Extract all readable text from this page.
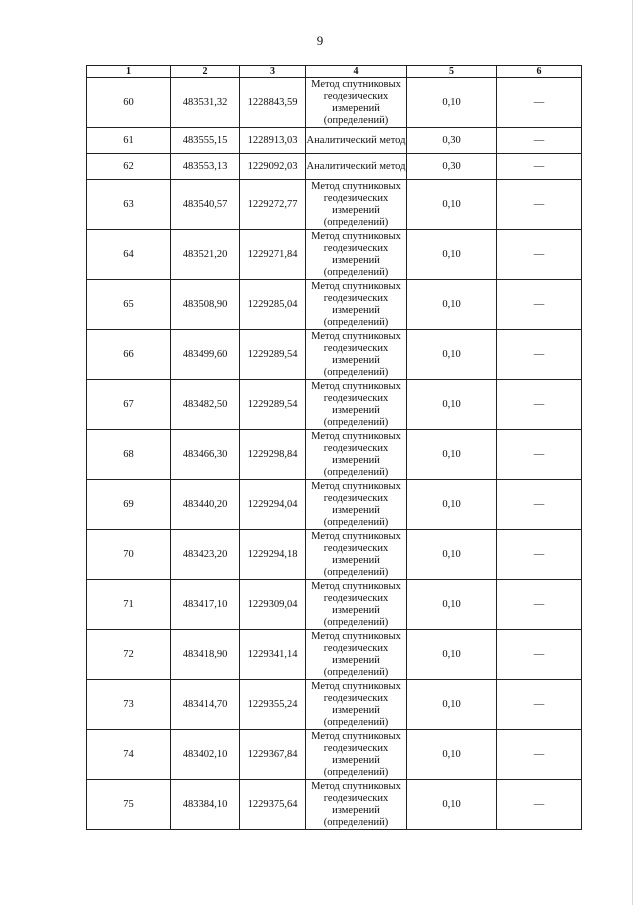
9
1	2	3	4	5	6
60	483531,32	1228843,59	Метод спутниковых геодезических измерений (определений)	0,10	—
61	483555,15	1228913,03	Аналитический метод	0,30	—
62	483553,13	1229092,03	Аналитический метод	0,30	—
63	483540,57	1229272,77	Метод спутниковых геодезических измерений (определений)	0,10	—
64	483521,20	1229271,84	Метод спутниковых геодезических измерений (определений)	0,10	—
65	483508,90	1229285,04	Метод спутниковых геодезических измерений (определений)	0,10	—
66	483499,60	1229289,54	Метод спутниковых геодезических измерений (определений)	0,10	—
67	483482,50	1229289,54	Метод спутниковых геодезических измерений (определений)	0,10	—
68	483466,30	1229298,84	Метод спутниковых геодезических измерений (определений)	0,10	—
69	483440,20	1229294,04	Метод спутниковых геодезических измерений (определений)	0,10	—
70	483423,20	1229294,18	Метод спутниковых геодезических измерений (определений)	0,10	—
71	483417,10	1229309,04	Метод спутниковых геодезических измерений (определений)	0,10	—
72	483418,90	1229341,14	Метод спутниковых геодезических измерений (определений)	0,10	—
73	483414,70	1229355,24	Метод спутниковых геодезических измерений (определений)	0,10	—
74	483402,10	1229367,84	Метод спутниковых геодезических измерений (определений)	0,10	—
75	483384,10	1229375,64	Метод спутниковых геодезических измерений (определений)	0,10	—
